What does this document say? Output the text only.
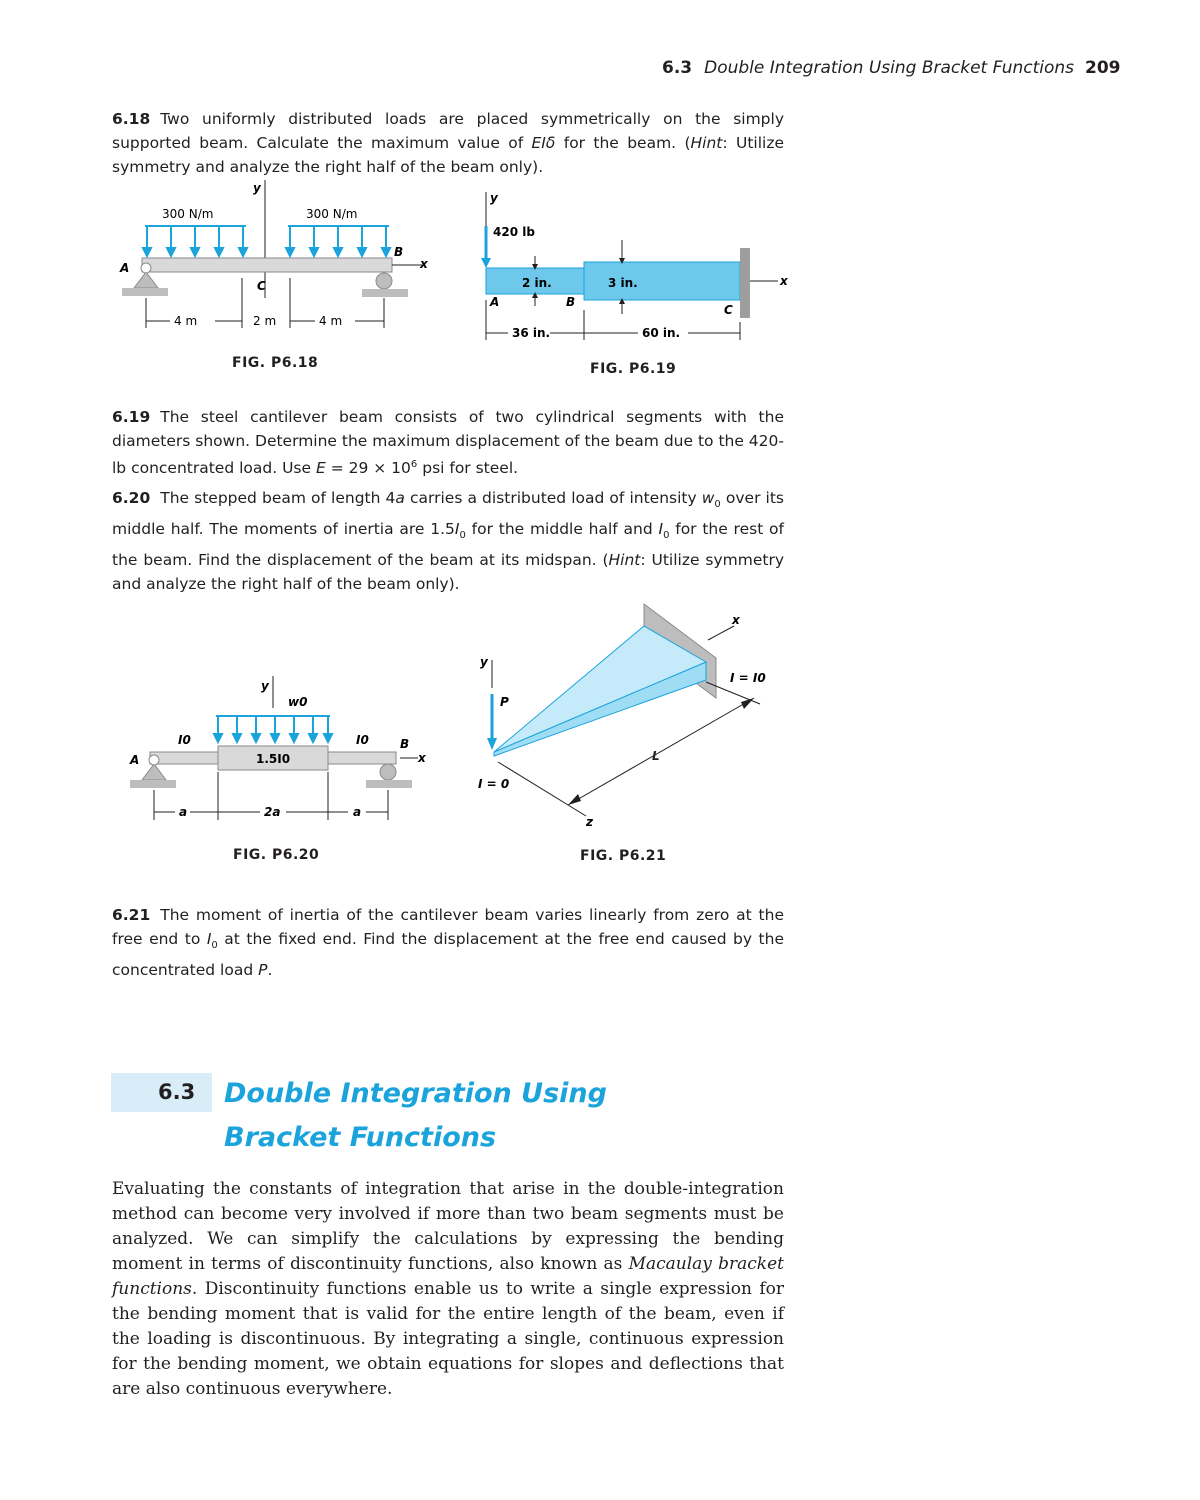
6.3 Double Integration Using Bracket Functions 209
6.18 Two uniformly distributed loads are placed symmetrically on the simply supported beam. Calculate the maximum value of EIδ for the beam. (Hint: Utilize symmetry and analyze the right half of the beam only).
y
300 N/m	300 N/m
x
B
A
C
4 m	2 m	4 m
FIG. P6.18
y
420 lb
x
2 in.	3 in.
A	B
C
36 in.	60 in.
FIG. P6.19
6.19 The steel cantilever beam consists of two cylindrical segments with the diameters shown. Determine the maximum displacement of the beam due to the 420-lb concentrated load. Use $E = 29 \times 10^6$ psi for steel.
6.20 The stepped beam of length 4a carries a distributed load of intensity $w_0$ over its middle half. The moments of inertia are $1.5I_0$ for the middle half and $I_0$ for the rest of the beam. Find the displacement of the beam at its midspan. (Hint: Utilize symmetry and analyze the right half of the beam only).
y
w0
I0	I0
1.5I0
A
B
x
a	2a	a
FIG. P6.20
y
P
I = 0
I = I0
x
z
L
FIG. P6.21
6.21 The moment of inertia of the cantilever beam varies linearly from zero at the free end to $I_0$ at the fixed end. Find the displacement at the free end caused by the concentrated load P.
6.3 Double Integration Using
Bracket Functions
Evaluating the constants of integration that arise in the double-integration method can become very involved if more than two beam segments must be analyzed. We can simplify the calculations by expressing the bending moment in terms of discontinuity functions, also known as Macaulay bracket functions. Discontinuity functions enable us to write a single expression for the bending moment that is valid for the entire length of the beam, even if the loading is discontinuous. By integrating a single, continuous expression for the bending moment, we obtain equations for slopes and deflections that are also continuous everywhere.
